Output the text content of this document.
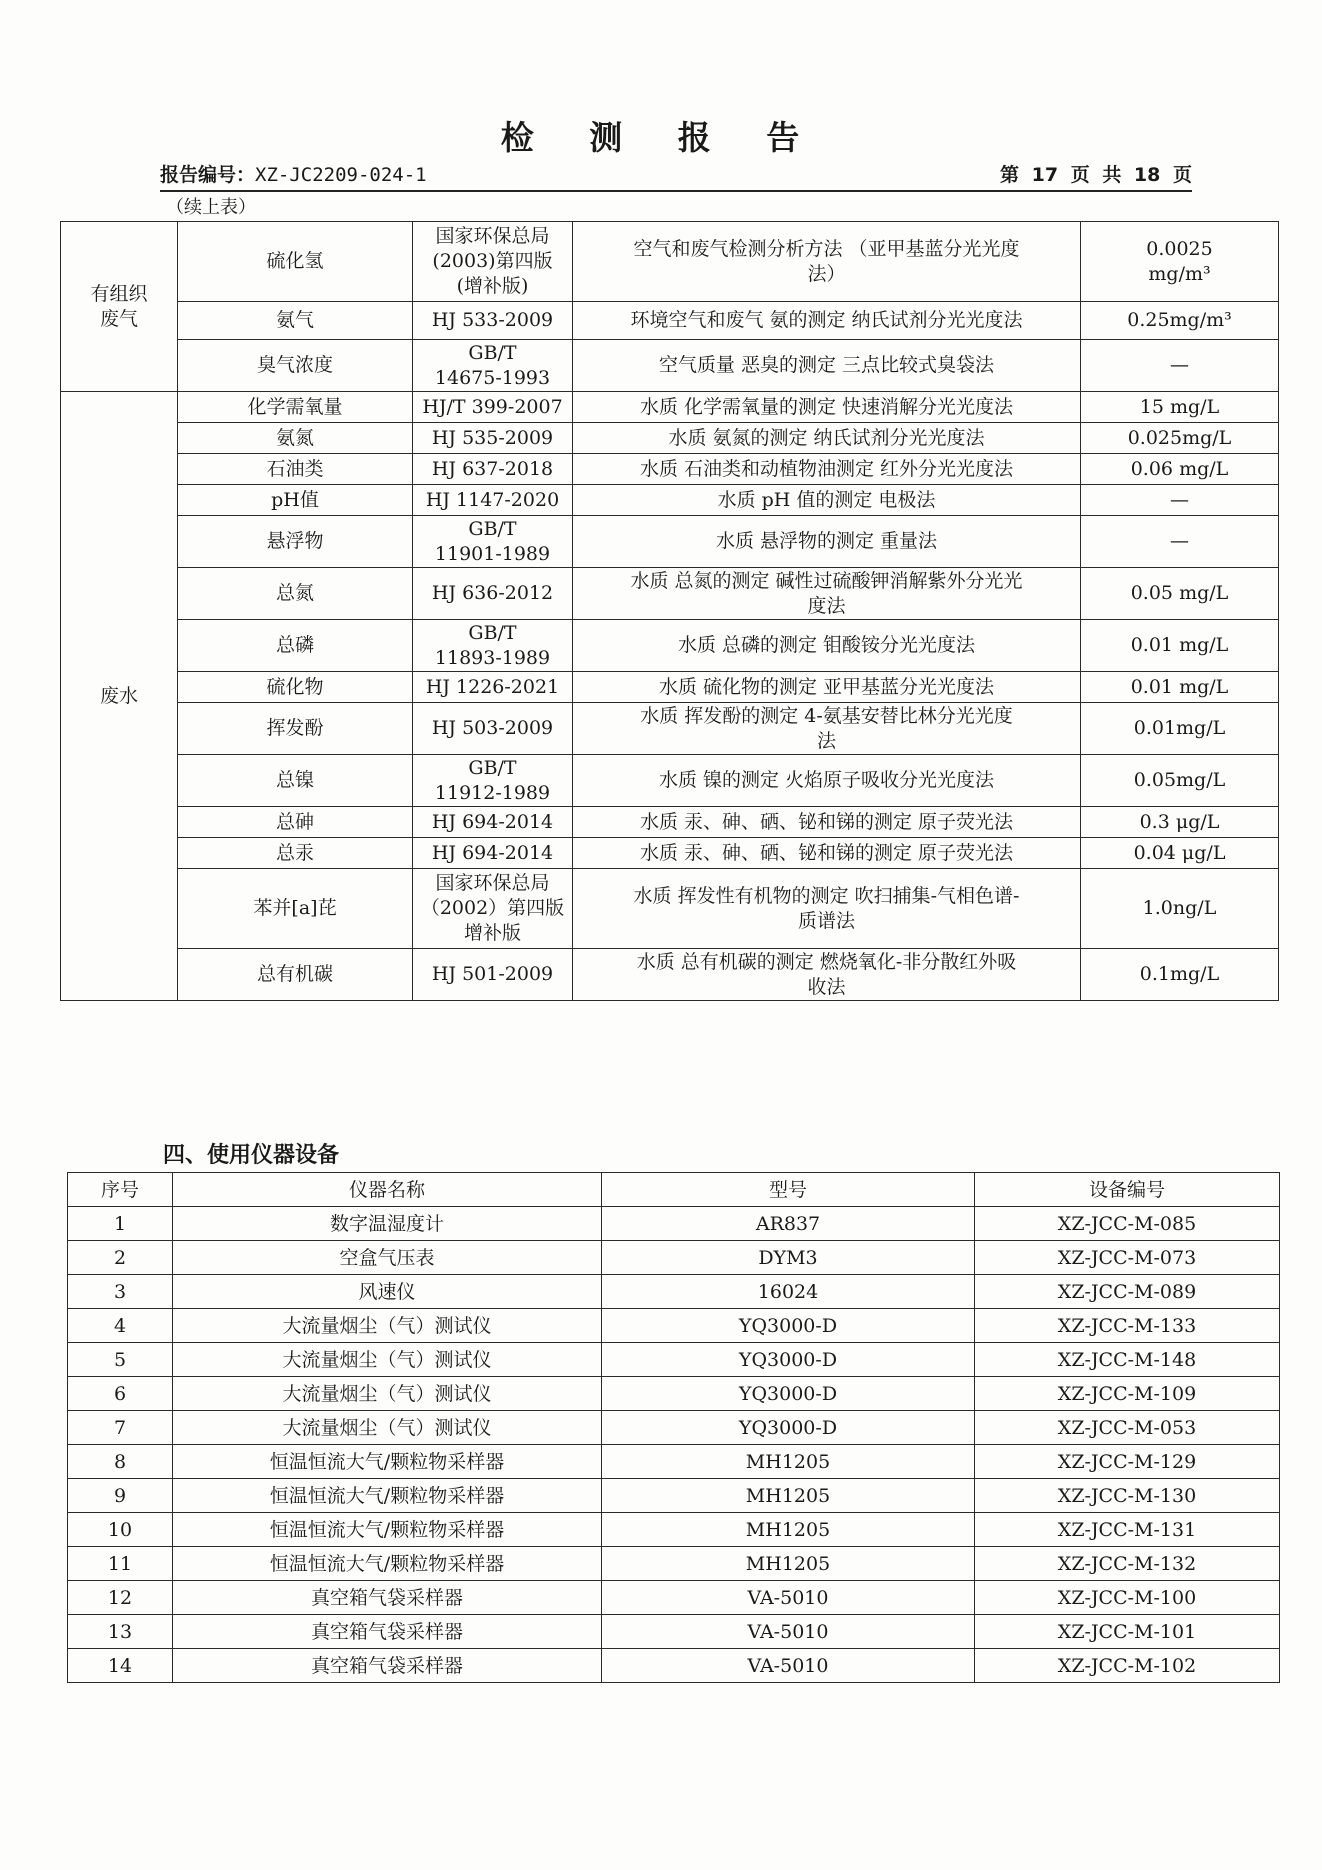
检 测 报 告
报告编号：XZ-JC2209-024-1	第 17 页 共 18 页
（续上表）
有组织
废气	硫化氢	国家环保总局
(2003)第四版
(增补版)	空气和废气检测分析方法 （亚甲基蓝分光光度
法）	0.0025
mg/m³
	氨气	HJ 533-2009	环境空气和废气 氨的测定 纳氏试剂分光光度法	0.25mg/m³
	臭气浓度	GB/T
14675-1993	空气质量 恶臭的测定 三点比较式臭袋法	—
废水	化学需氧量	HJ/T 399-2007	水质 化学需氧量的测定 快速消解分光光度法	15 mg/L
	氨氮	HJ 535-2009	水质 氨氮的测定 纳氏试剂分光光度法	0.025mg/L
	石油类	HJ 637-2018	水质 石油类和动植物油测定 红外分光光度法	0.06 mg/L
	pH值	HJ 1147-2020	水质 pH 值的测定 电极法	—
	悬浮物	GB/T
11901-1989	水质 悬浮物的测定 重量法	—
	总氮	HJ 636-2012	水质 总氮的测定 碱性过硫酸钾消解紫外分光光
度法	0.05 mg/L
	总磷	GB/T
11893-1989	水质 总磷的测定 钼酸铵分光光度法	0.01 mg/L
	硫化物	HJ 1226-2021	水质 硫化物的测定 亚甲基蓝分光光度法	0.01 mg/L
	挥发酚	HJ 503-2009	水质 挥发酚的测定 4-氨基安替比林分光光度
法	0.01mg/L
	总镍	GB/T
11912-1989	水质 镍的测定 火焰原子吸收分光光度法	0.05mg/L
	总砷	HJ 694-2014	水质 汞、砷、硒、铋和锑的测定 原子荧光法	0.3 μg/L
	总汞	HJ 694-2014	水质 汞、砷、硒、铋和锑的测定 原子荧光法	0.04 μg/L
	苯并[a]芘	国家环保总局
（2002）第四版
增补版	水质 挥发性有机物的测定 吹扫捕集-气相色谱-
质谱法	1.0ng/L
	总有机碳	HJ 501-2009	水质 总有机碳的测定 燃烧氧化-非分散红外吸
收法	0.1mg/L
四、使用仪器设备
序号	仪器名称	型号	设备编号
1	数字温湿度计	AR837	XZ-JCC-M-085
2	空盒气压表	DYM3	XZ-JCC-M-073
3	风速仪	16024	XZ-JCC-M-089
4	大流量烟尘（气）测试仪	YQ3000-D	XZ-JCC-M-133
5	大流量烟尘（气）测试仪	YQ3000-D	XZ-JCC-M-148
6	大流量烟尘（气）测试仪	YQ3000-D	XZ-JCC-M-109
7	大流量烟尘（气）测试仪	YQ3000-D	XZ-JCC-M-053
8	恒温恒流大气/颗粒物采样器	MH1205	XZ-JCC-M-129
9	恒温恒流大气/颗粒物采样器	MH1205	XZ-JCC-M-130
10	恒温恒流大气/颗粒物采样器	MH1205	XZ-JCC-M-131
11	恒温恒流大气/颗粒物采样器	MH1205	XZ-JCC-M-132
12	真空箱气袋采样器	VA-5010	XZ-JCC-M-100
13	真空箱气袋采样器	VA-5010	XZ-JCC-M-101
14	真空箱气袋采样器	VA-5010	XZ-JCC-M-102
